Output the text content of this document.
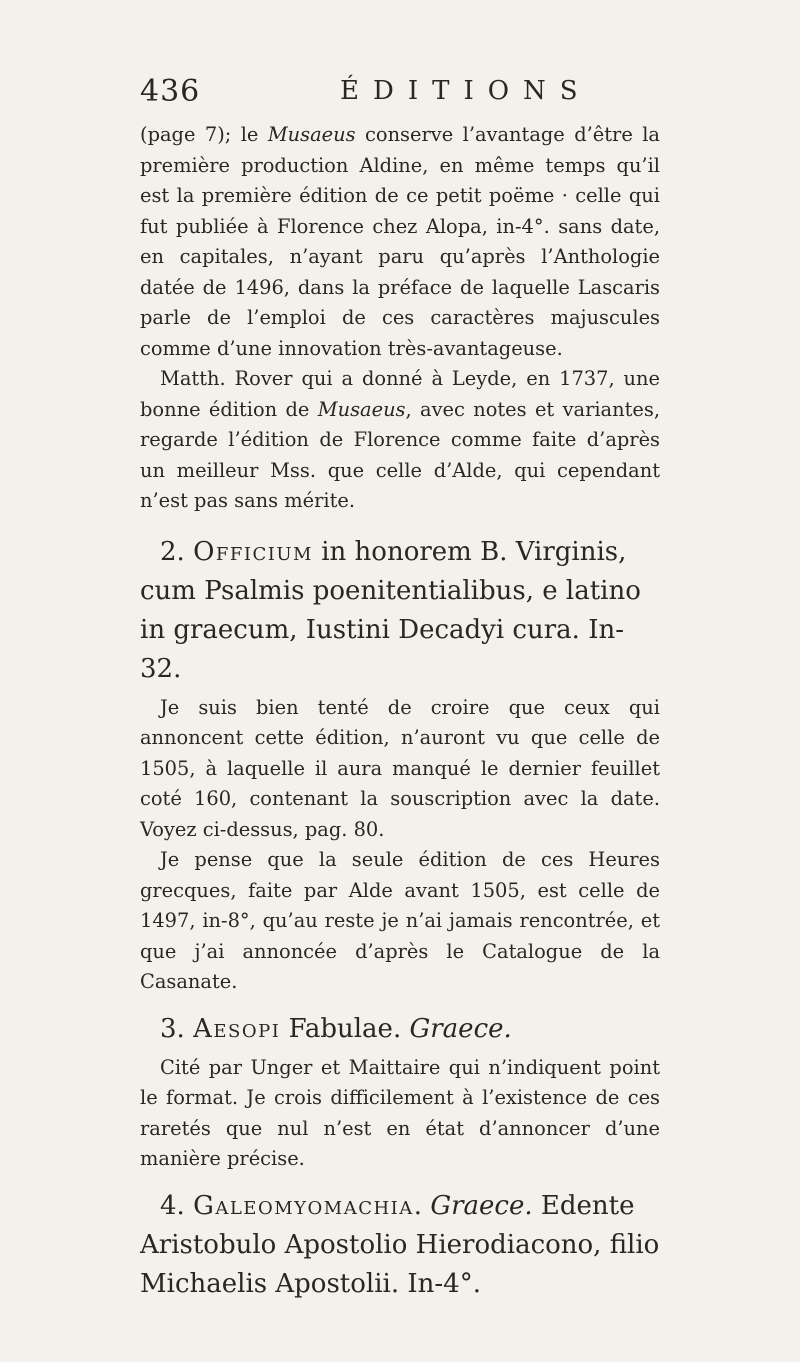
436	ÉDITIONS

(page 7); le Musaeus conserve l’avantage d’être la première production Aldine, en même temps qu’il est la première édition de ce petit poëme · celle qui fut publiée à Florence chez Alopa, in-4°. sans date, en capitales, n’ayant paru qu’après l’Anthologie datée de 1496, dans la préface de laquelle Lascaris parle de l’emploi de ces caractères majuscules comme d’une innovation très-avantageuse.

Matth. Rover qui a donné à Leyde, en 1737, une bonne édition de Musaeus, avec notes et variantes, regarde l’édition de Florence comme faite d’après un meilleur Mss. que celle d’Alde, qui cependant n’est pas sans mérite.

2. Officium in honorem B. Virginis, cum Psalmis poenitentialibus, e latino in graecum, Iustini Decadyi cura. In-32.

Je suis bien tenté de croire que ceux qui annoncent cette édition, n’auront vu que celle de 1505, à laquelle il aura manqué le dernier feuillet coté 160, contenant la souscription avec la date. Voyez ci-dessus, pag. 80.

Je pense que la seule édition de ces Heures grecques, faite par Alde avant 1505, est celle de 1497, in-8°, qu’au reste je n’ai jamais rencontrée, et que j’ai annoncée d’après le Catalogue de la Casanate.

3. Aesopi Fabulae. Graece.

Cité par Unger et Maittaire qui n’indiquent point le format. Je crois difficilement à l’existence de ces raretés que nul n’est en état d’annoncer d’une manière précise.

4. Galeomyomachia. Graece. Edente Aristobulo Apostolio Hierodiacono, filio Michaelis Apostolii. In-4°.
